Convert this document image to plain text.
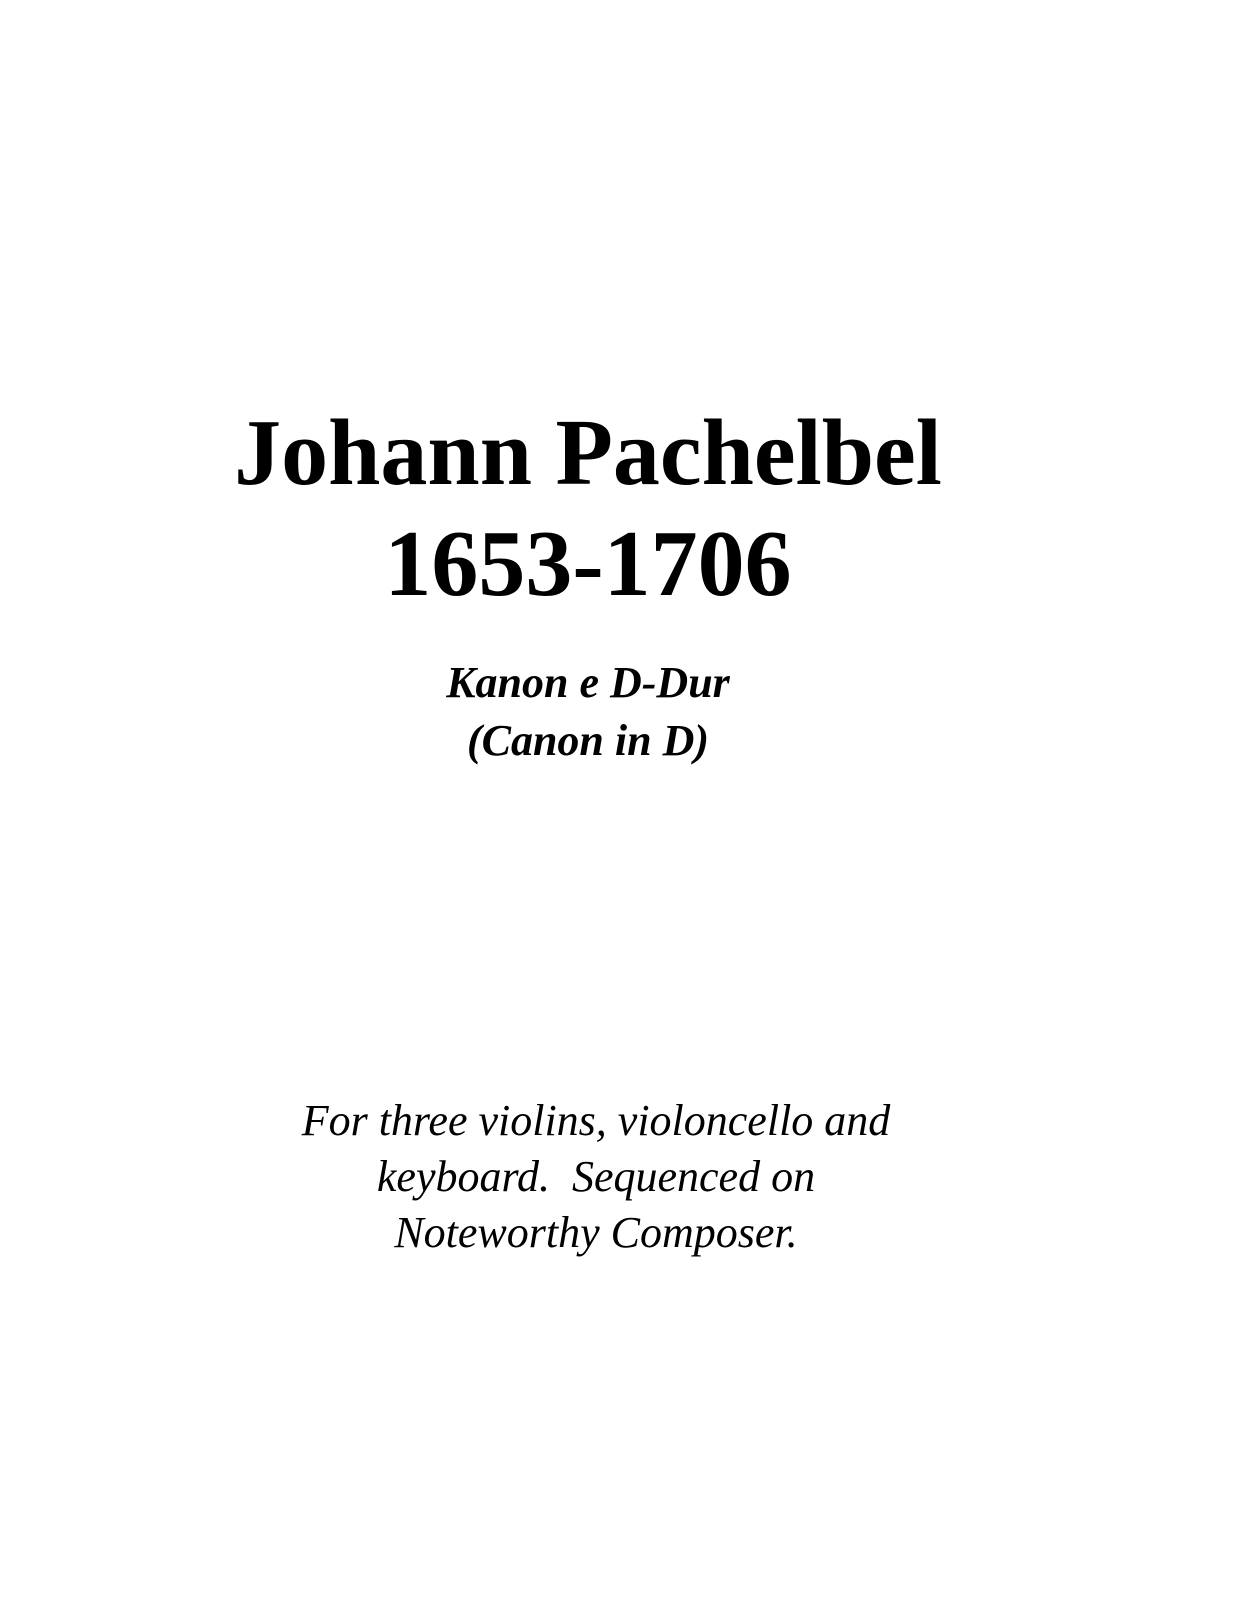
Johann Pachelbel
1653-1706
Kanon e D-Dur
(Canon in D)
For three violins, violoncello and
keyboard.  Sequenced on
Noteworthy Composer.
